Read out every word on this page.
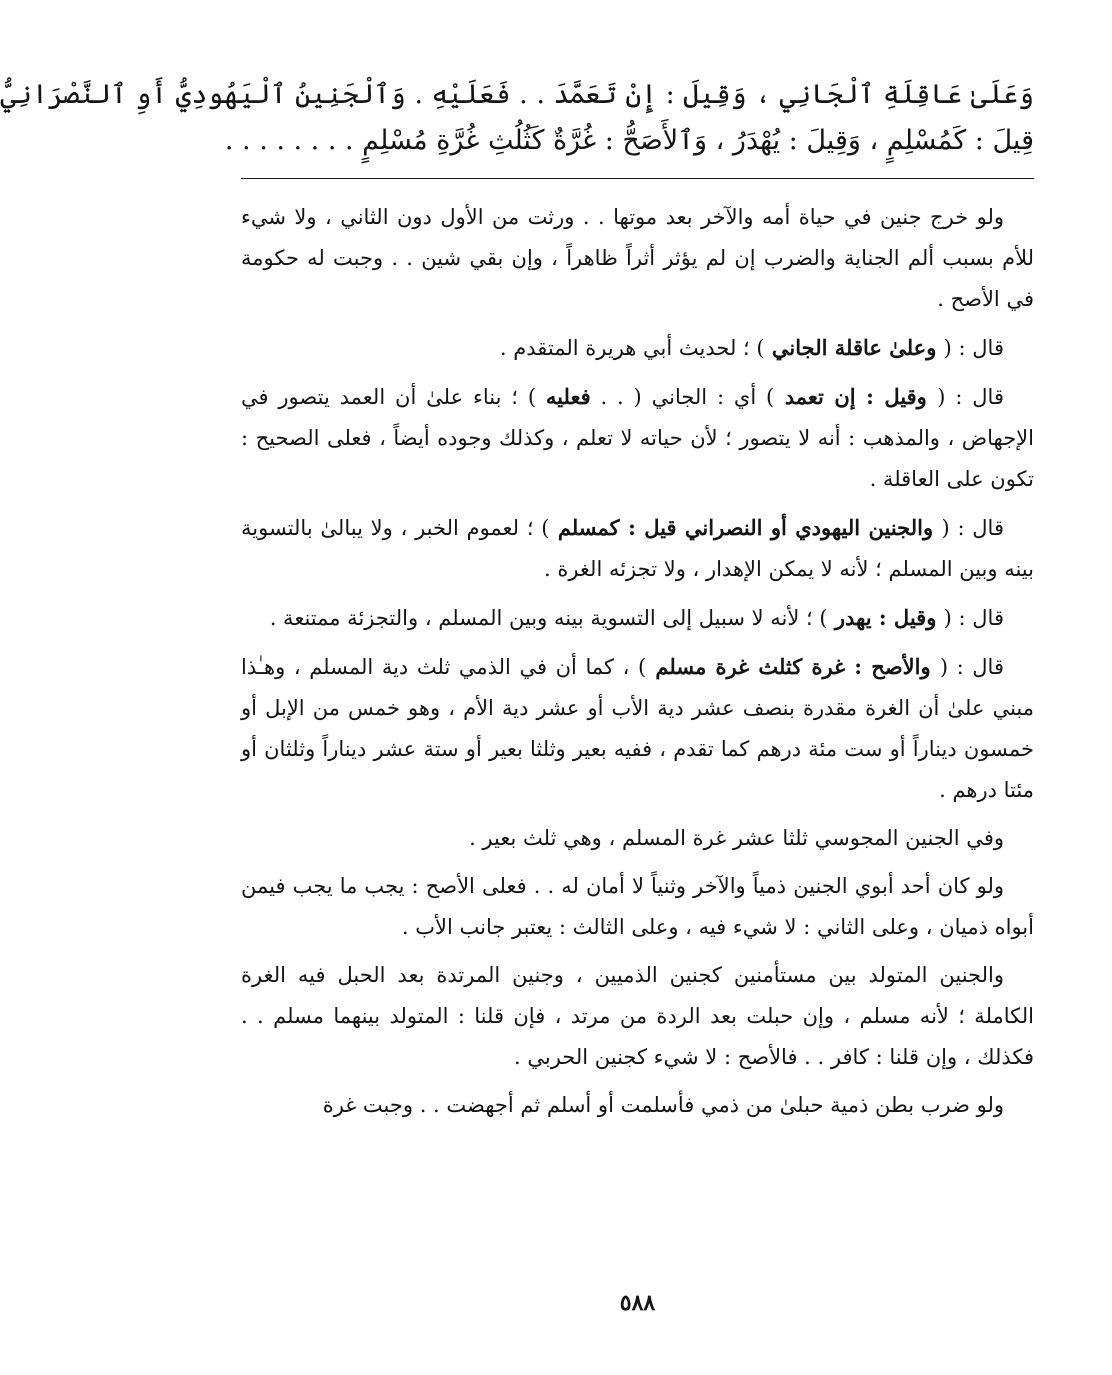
وَعَلَىٰ عَاقِلَةِ ٱلْجَانِي ، وَقِيلَ : إِنْ تَعَمَّدَ . . فَعَلَيْهِ . وَٱلْجَنِينُ ٱلْيَهُودِيُّ أَوِ ٱلنَّصْرَانِيُّ
قِيلَ : كَمُسْلِمٍ ، وَقِيلَ : يُهْدَرُ ، وَٱلأَصَحُّ : غُرَّةٌ كَثُلُثِ غُرَّةِ مُسْلِمٍ . . . . . . . .

ولو خرج جنين في حياة أمه والآخر بعد موتها . . ورثت من الأول دون الثاني ، ولا شيء للأم بسبب ألم الجناية والضرب إن لم يؤثر أثراً ظاهراً ، وإن بقي شين . . وجبت له حكومة في الأصح .

قال : ( وعلىٰ عاقلة الجاني ) ؛ لحديث أبي هريرة المتقدم .

قال : ( وقيل : إن تعمد ) أي : الجاني ( . . فعليه ) ؛ بناء علىٰ أن العمد يتصور في الإجهاض ، والمذهب : أنه لا يتصور ؛ لأن حياته لا تعلم ، وكذلك وجوده أيضاً ، فعلى الصحيح : تكون على العاقلة .

قال : ( والجنين اليهودي أو النصراني قيل : كمسلم ) ؛ لعموم الخبر ، ولا يبالىٰ بالتسوية بينه وبين المسلم ؛ لأنه لا يمكن الإهدار ، ولا تجزئه الغرة .

قال : ( وقيل : يهدر ) ؛ لأنه لا سبيل إلى التسوية بينه وبين المسلم ، والتجزئة ممتنعة .

قال : ( والأصح : غرة كثلث غرة مسلم ) ، كما أن في الذمي ثلث دية المسلم ، وهـٰذا مبني علىٰ أن الغرة مقدرة بنصف عشر دية الأب أو عشر دية الأم ، وهو خمس من الإبل أو خمسون ديناراً أو ست مئة درهم كما تقدم ، ففيه بعير وثلثا بعير أو ستة عشر ديناراً وثلثان أو مئتا درهم .

وفي الجنين المجوسي ثلثا عشر غرة المسلم ، وهي ثلث بعير .

ولو كان أحد أبوي الجنين ذمياً والآخر وثنياً لا أمان له . . فعلى الأصح : يجب ما يجب فيمن أبواه ذميان ، وعلى الثاني : لا شيء فيه ، وعلى الثالث : يعتبر جانب الأب .

والجنين المتولد بين مستأمنين كجنين الذميين ، وجنين المرتدة بعد الحبل فيه الغرة الكاملة ؛ لأنه مسلم ، وإن حبلت بعد الردة من مرتد ، فإن قلنا : المتولد بينهما مسلم . . فكذلك ، وإن قلنا : كافر . . فالأصح : لا شيء كجنين الحربي .

ولو ضرب بطن ذمية حبلىٰ من ذمي فأسلمت أو أسلم ثم أجهضت . . وجبت غرة

٥٨٨
